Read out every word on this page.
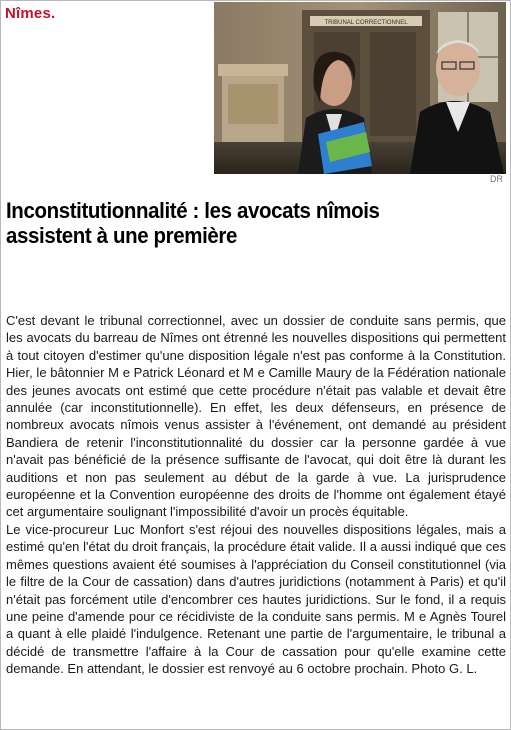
Nîmes.
TRIBUNAL CORRECTIONNEL
DR
Inconstitutionnalité : les avocats nîmois assistent à une première

C'est devant le tribunal correctionnel, avec un dossier de conduite sans permis, que les avocats du barreau de Nîmes ont étrenné les nouvelles dispositions qui permettent à tout citoyen d'estimer qu'une disposition légale n'est pas conforme à la Constitution. Hier, le bâtonnier M e Patrick Léonard et M e Camille Maury de la Fédération nationale des jeunes avocats ont estimé que cette procédure n'était pas valable et devait être annulée (car inconstitutionnelle). En effet, les deux défenseurs, en présence de nombreux avocats nîmois venus assister à l'événement, ont demandé au président Bandiera de retenir l'inconstitutionnalité du dossier car la personne gardée à vue n'avait pas bénéficié de la présence suffisante de l'avocat, qui doit être là durant les auditions et non pas seulement au début de la garde à vue. La jurisprudence européenne et la Convention européenne des droits de l'homme ont également étayé cet argumentaire soulignant l'impossibilité d'avoir un procès équitable.

Le vice-procureur Luc Monfort s'est réjoui des nouvelles dispositions légales, mais a estimé qu'en l'état du droit français, la procédure était valide. Il a aussi indiqué que ces mêmes questions avaient été soumises à l'appréciation du Conseil constitutionnel (via le filtre de la Cour de cassation) dans d'autres juridictions (notamment à Paris) et qu'il n'était pas forcément utile d'encombrer ces hautes juridictions. Sur le fond, il a requis une peine d'amende pour ce récidiviste de la conduite sans permis. M e Agnès Tourel a quant à elle plaidé l'indulgence. Retenant une partie de l'argumentaire, le tribunal a décidé de transmettre l'affaire à la Cour de cassation pour qu'elle examine cette demande. En attendant, le dossier est renvoyé au 6 octobre prochain. Photo G. L.
